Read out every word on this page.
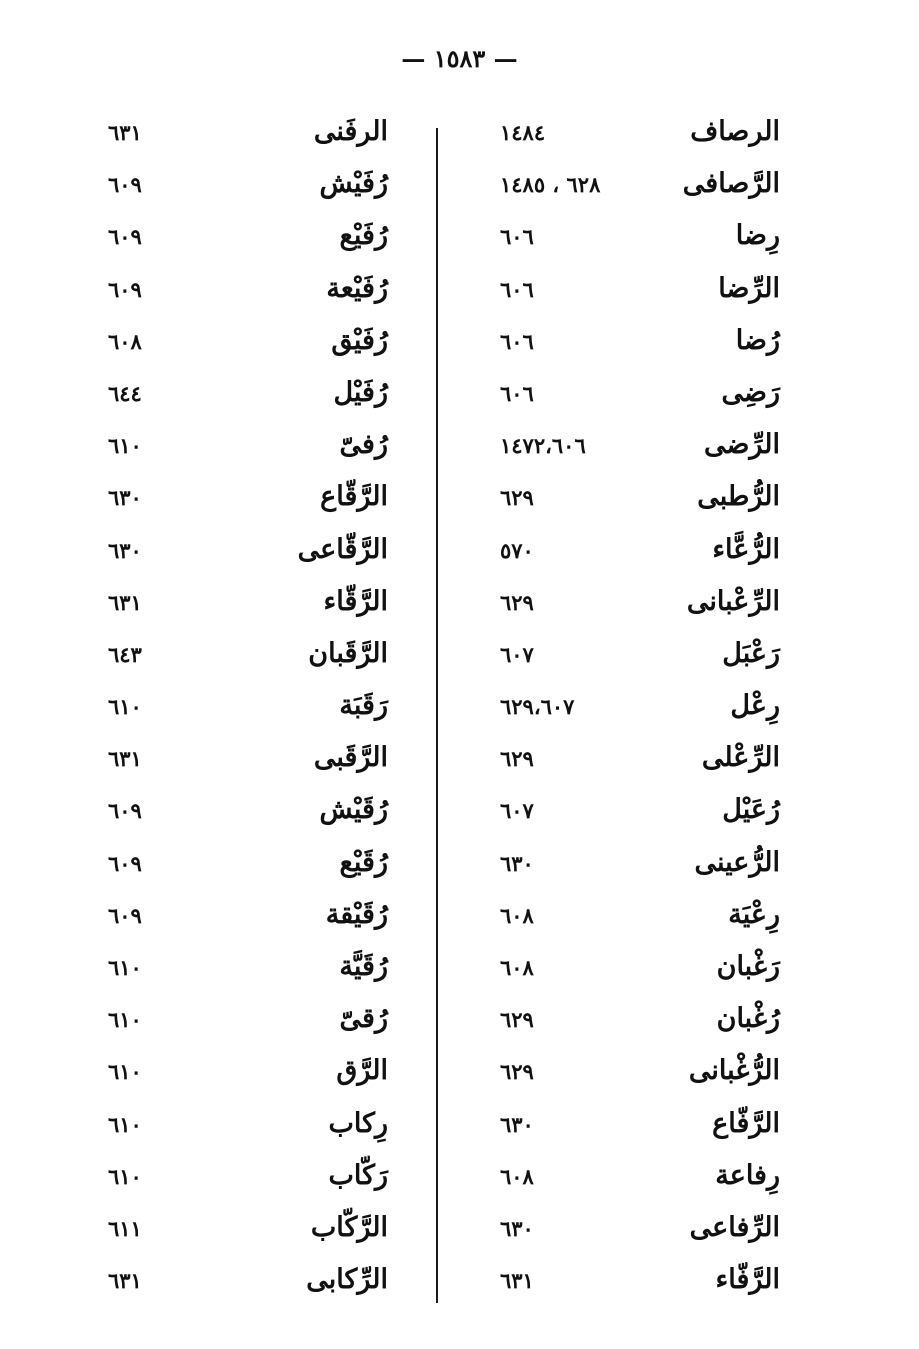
— ١٥٨٣ —
الرصاف
١٤٨٤
الرَّصافى
٦٢٨ ، ١٤٨٥
رِضا
٦٠٦
الرِّضا
٦٠٦
رُضا
٦٠٦
رَضِى
٦٠٦
الرِّضى
١٤٧٢،٦٠٦
الرُّطبى
٦٢٩
الرُّعَّاء
٥٧٠
الرِّعْبانى
٦٢٩
رَعْبَل
٦٠٧
رِعْل
٦٢٩،٦٠٧
الرِّعْلى
٦٢٩
رُعَيْل
٦٠٧
الرُّعينى
٦٣٠
رِعْيَة
٦٠٨
رَغْبان
٦٠٨
رُغْبان
٦٢٩
الرُّغْبانى
٦٢٩
الرَّفّاع
٦٣٠
رِفاعة
٦٠٨
الرِّفاعى
٦٣٠
الرَّفّاء
٦٣١
الرفَنى
٦٣١
رُفَيْش
٦٠٩
رُفَيْع
٦٠٩
رُفَيْعة
٦٠٩
رُفَيْق
٦٠٨
رُفَيْل
٦٤٤
رُفىّ
٦١٠
الرَّقّاع
٦٣٠
الرَّقّاعى
٦٣٠
الرَّقّاء
٦٣١
الرَّقَبان
٦٤٣
رَقَبَة
٦١٠
الرَّقَبى
٦٣١
رُقَيْش
٦٠٩
رُقَيْع
٦٠٩
رُقَيْقة
٦٠٩
رُقَيَّة
٦١٠
رُقىّ
٦١٠
الرَّق
٦١٠
رِكاب
٦١٠
رَكّاب
٦١٠
الرَّكّاب
٦١١
الرِّكابى
٦٣١
